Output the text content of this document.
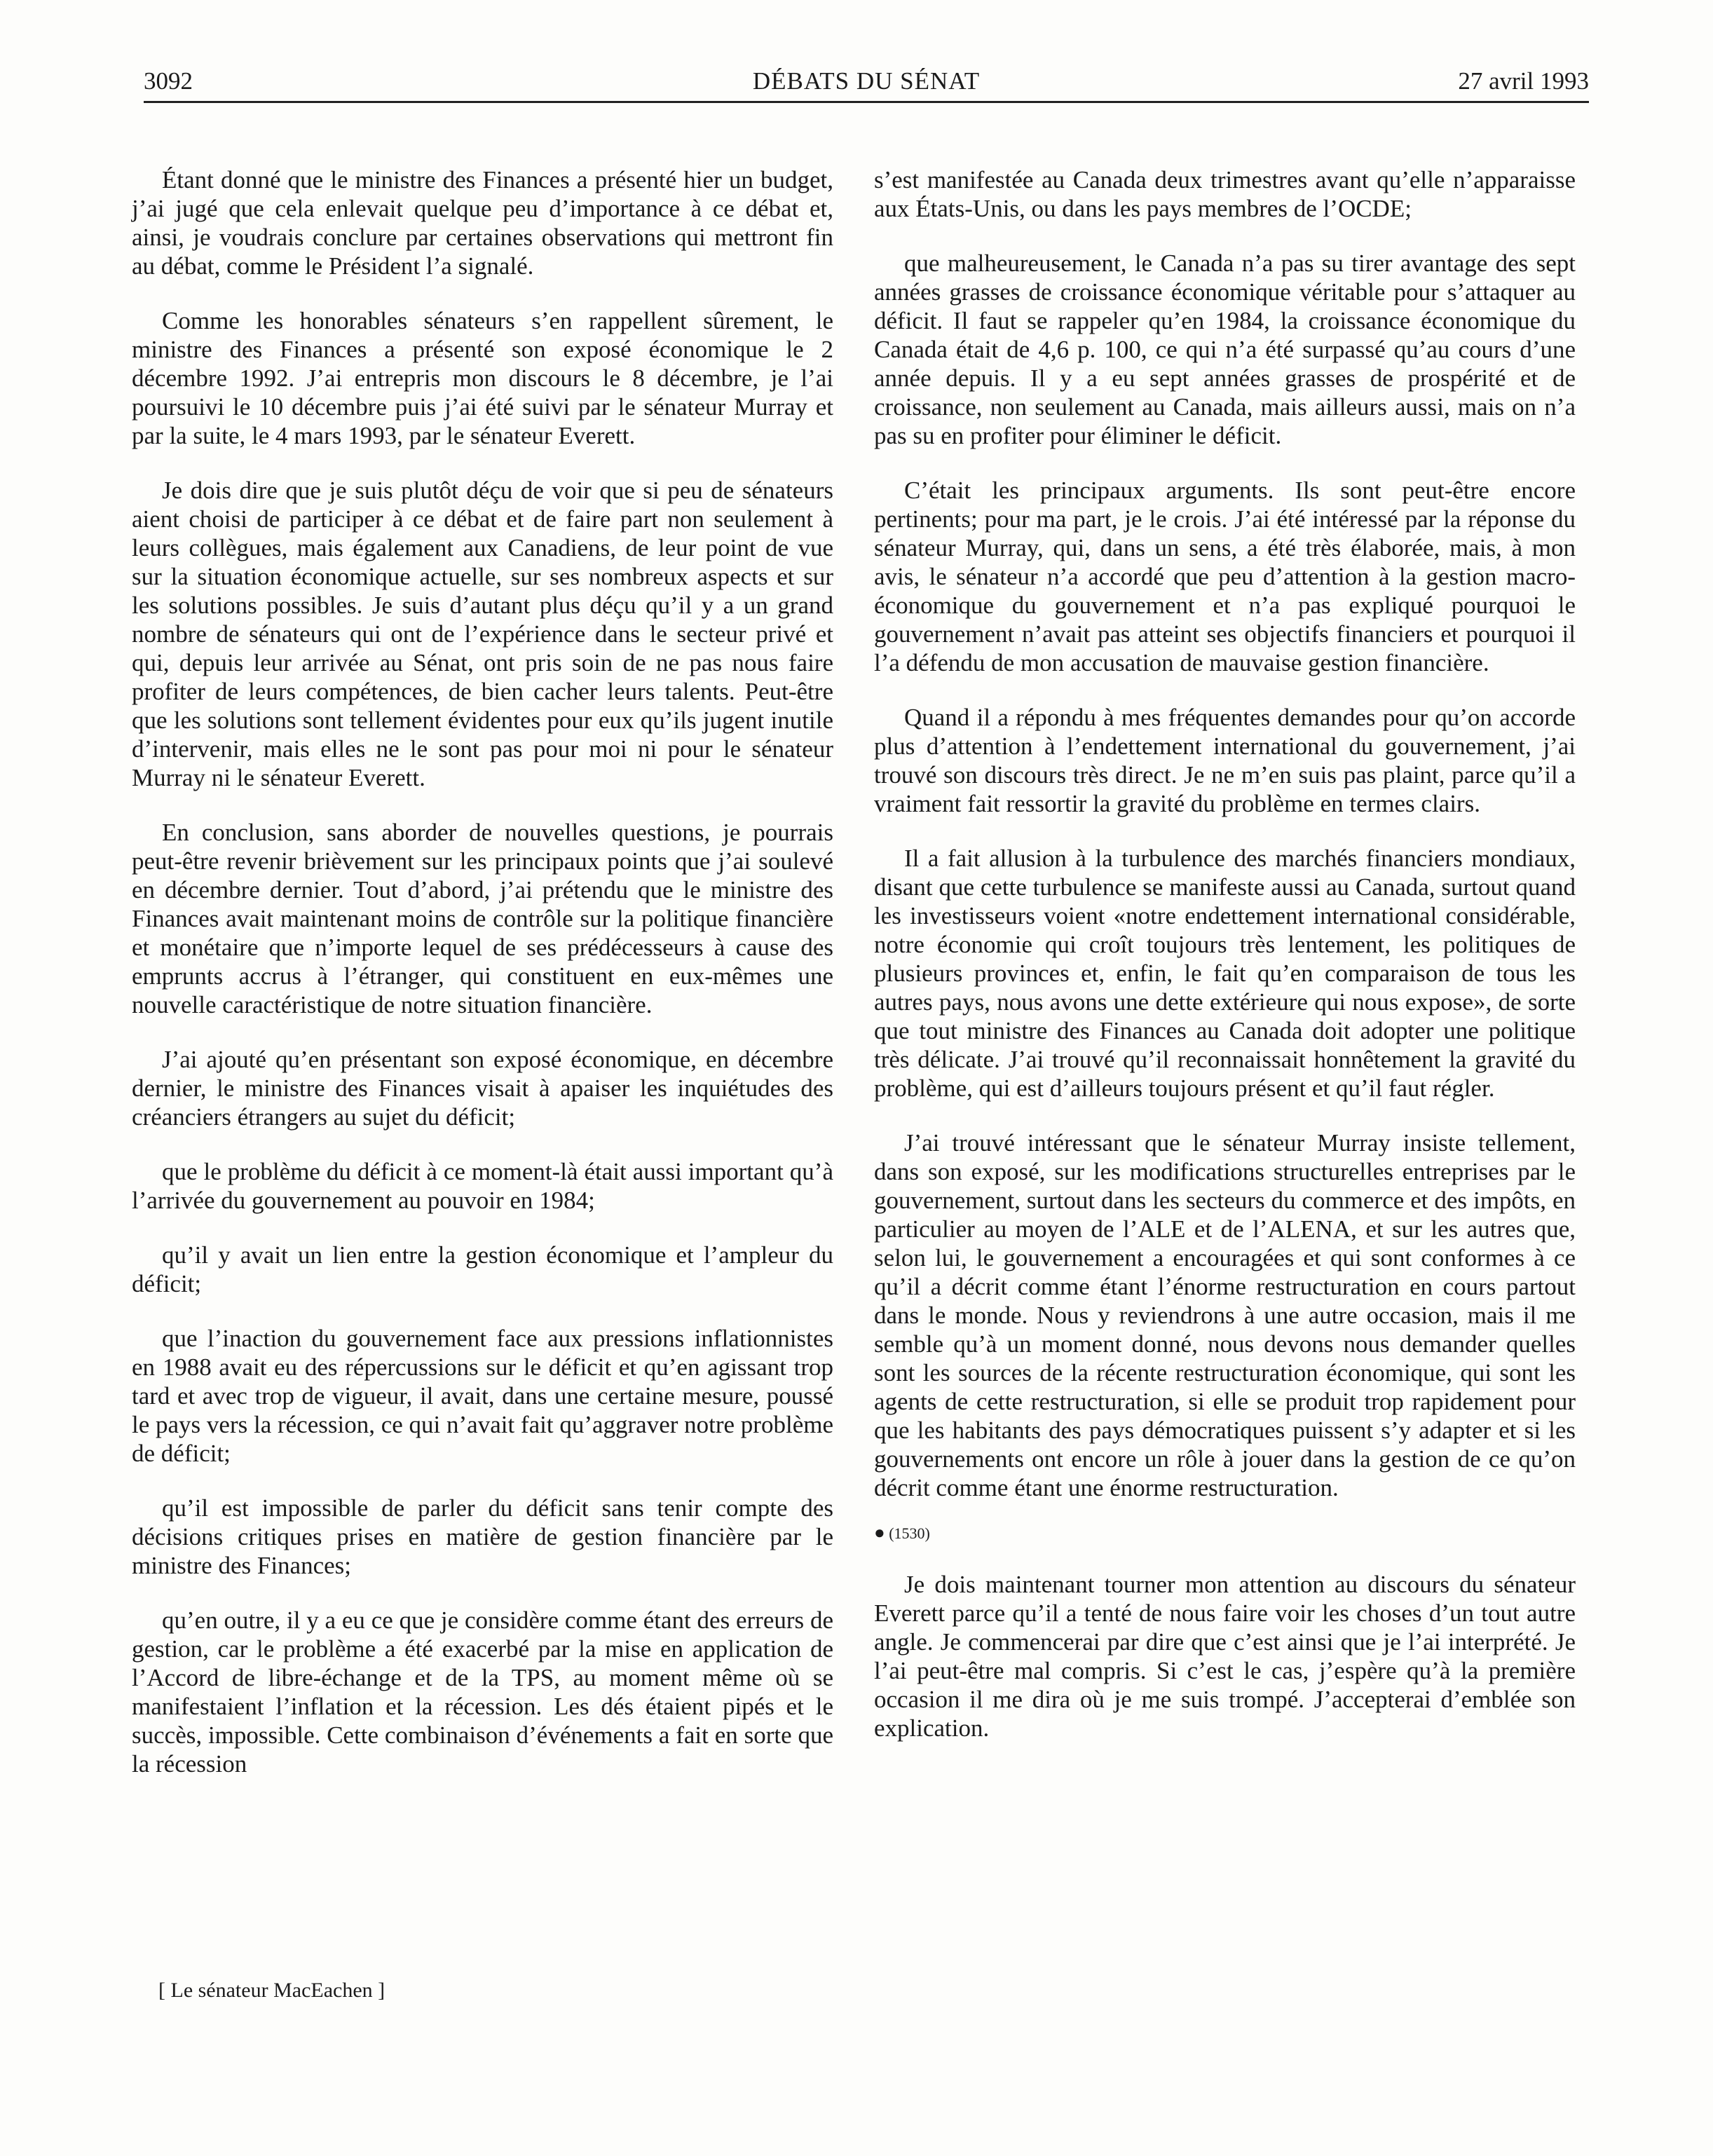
3092	DÉBATS DU SÉNAT	27 avril 1993

Étant donné que le ministre des Finances a présenté hier un budget, j’ai jugé que cela enlevait quelque peu d’importance à ce débat et, ainsi, je voudrais conclure par certaines observations qui mettront fin au débat, comme le Président l’a signalé.

Comme les honorables sénateurs s’en rappellent sûrement, le ministre des Finances a présenté son exposé économique le 2 décembre 1992. J’ai entrepris mon discours le 8 décembre, je l’ai poursuivi le 10 décembre puis j’ai été suivi par le sénateur Murray et par la suite, le 4 mars 1993, par le sénateur Everett.

Je dois dire que je suis plutôt déçu de voir que si peu de sénateurs aient choisi de participer à ce débat et de faire part non seulement à leurs collègues, mais également aux Canadiens, de leur point de vue sur la situation économique actuelle, sur ses nombreux aspects et sur les solutions possibles. Je suis d’autant plus déçu qu’il y a un grand nombre de sénateurs qui ont de l’expérience dans le secteur privé et qui, depuis leur arrivée au Sénat, ont pris soin de ne pas nous faire profiter de leurs compétences, de bien cacher leurs talents. Peut-être que les solutions sont tellement évidentes pour eux qu’ils jugent inutile d’intervenir, mais elles ne le sont pas pour moi ni pour le sénateur Murray ni le sénateur Everett.

En conclusion, sans aborder de nouvelles questions, je pourrais peut-être revenir brièvement sur les principaux points que j’ai soulevé en décembre dernier. Tout d’abord, j’ai prétendu que le ministre des Finances avait maintenant moins de contrôle sur la politique financière et monétaire que n’importe lequel de ses prédécesseurs à cause des emprunts accrus à l’étranger, qui constituent en eux-mêmes une nouvelle caractéristique de notre situation financière.

J’ai ajouté qu’en présentant son exposé économique, en décembre dernier, le ministre des Finances visait à apaiser les inquiétudes des créanciers étrangers au sujet du déficit;

que le problème du déficit à ce moment-là était aussi important qu’à l’arrivée du gouvernement au pouvoir en 1984;

qu’il y avait un lien entre la gestion économique et l’ampleur du déficit;

que l’inaction du gouvernement face aux pressions inflationnistes en 1988 avait eu des répercussions sur le déficit et qu’en agissant trop tard et avec trop de vigueur, il avait, dans une certaine mesure, poussé le pays vers la récession, ce qui n’avait fait qu’aggraver notre problème de déficit;

qu’il est impossible de parler du déficit sans tenir compte des décisions critiques prises en matière de gestion financière par le ministre des Finances;

qu’en outre, il y a eu ce que je considère comme étant des erreurs de gestion, car le problème a été exacerbé par la mise en application de l’Accord de libre-échange et de la TPS, au moment même où se manifestaient l’inflation et la récession. Les dés étaient pipés et le succès, impossible. Cette combinaison d’événements a fait en sorte que la récession

s’est manifestée au Canada deux trimestres avant qu’elle n’apparaisse aux États-Unis, ou dans les pays membres de l’OCDE;

que malheureusement, le Canada n’a pas su tirer avantage des sept années grasses de croissance économique véritable pour s’attaquer au déficit. Il faut se rappeler qu’en 1984, la croissance économique du Canada était de 4,6 p. 100, ce qui n’a été surpassé qu’au cours d’une année depuis. Il y a eu sept années grasses de prospérité et de croissance, non seulement au Canada, mais ailleurs aussi, mais on n’a pas su en profiter pour éliminer le déficit.

C’était les principaux arguments. Ils sont peut-être encore pertinents; pour ma part, je le crois. J’ai été intéressé par la réponse du sénateur Murray, qui, dans un sens, a été très élaborée, mais, à mon avis, le sénateur n’a accordé que peu d’attention à la gestion macro-économique du gouvernement et n’a pas expliqué pourquoi le gouvernement n’avait pas atteint ses objectifs financiers et pourquoi il l’a défendu de mon accusation de mauvaise gestion financière.

Quand il a répondu à mes fréquentes demandes pour qu’on accorde plus d’attention à l’endettement international du gouvernement, j’ai trouvé son discours très direct. Je ne m’en suis pas plaint, parce qu’il a vraiment fait ressortir la gravité du problème en termes clairs.

Il a fait allusion à la turbulence des marchés financiers mondiaux, disant que cette turbulence se manifeste aussi au Canada, surtout quand les investisseurs voient «notre endettement international considérable, notre économie qui croît toujours très lentement, les politiques de plusieurs provinces et, enfin, le fait qu’en comparaison de tous les autres pays, nous avons une dette extérieure qui nous expose», de sorte que tout ministre des Finances au Canada doit adopter une politique très délicate. J’ai trouvé qu’il reconnaissait honnêtement la gravité du problème, qui est d’ailleurs toujours présent et qu’il faut régler.

J’ai trouvé intéressant que le sénateur Murray insiste tellement, dans son exposé, sur les modifications structurelles entreprises par le gouvernement, surtout dans les secteurs du commerce et des impôts, en particulier au moyen de l’ALE et de l’ALENA, et sur les autres que, selon lui, le gouvernement a encouragées et qui sont conformes à ce qu’il a décrit comme étant l’énorme restructuration en cours partout dans le monde. Nous y reviendrons à une autre occasion, mais il me semble qu’à un moment donné, nous devons nous demander quelles sont les sources de la récente restructuration économique, qui sont les agents de cette restructuration, si elle se produit trop rapidement pour que les habitants des pays démocratiques puissent s’y adapter et si les gouvernements ont encore un rôle à jouer dans la gestion de ce qu’on décrit comme étant une énorme restructuration.

● (1530)

Je dois maintenant tourner mon attention au discours du sénateur Everett parce qu’il a tenté de nous faire voir les choses d’un tout autre angle. Je commencerai par dire que c’est ainsi que je l’ai interprété. Je l’ai peut-être mal compris. Si c’est le cas, j’espère qu’à la première occasion il me dira où je me suis trompé. J’accepterai d’emblée son explication.

[ Le sénateur MacEachen ]
